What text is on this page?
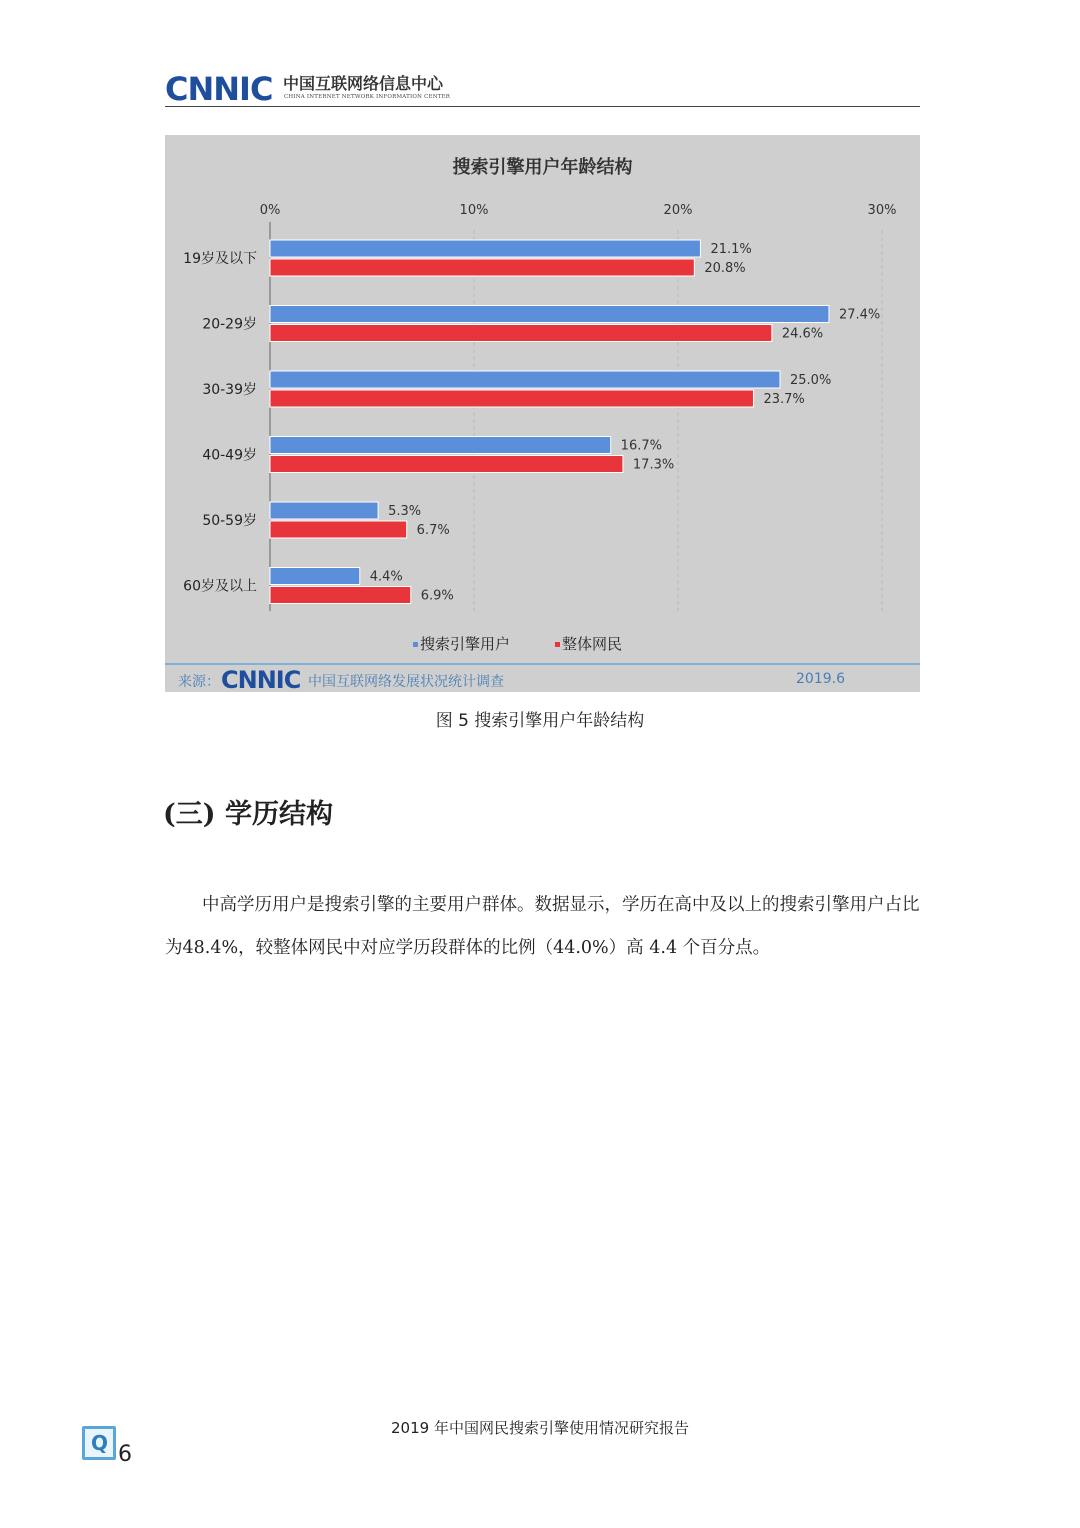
CNNIC 中国互联网络信息中心
CHINA INTERNET NETWORK INFORMATION CENTER
搜索引擎用户年龄结构
0%	10%	20%	30%
19岁及以下
21.1%
20.8%
20-29岁
27.4%
24.6%
30-39岁
25.0%
23.7%
40-49岁
16.7%
17.3%
50-59岁
5.3%
6.7%
60岁及以上
4.4%
6.9%
搜索引擎用户	整体网民
来源： CNNIC 中国互联网络发展状况统计调查	2019.6
图 5 搜索引擎用户年龄结构
(三) 学历结构
中高学历用户是搜索引擎的主要用户群体。数据显示，学历在高中及以上的搜索引擎用户占比为48.4%，较整体网民中对应学历段群体的比例（44.0%）高 4.4 个百分点。
2019 年中国网民搜索引擎使用情况研究报告
Q 6
